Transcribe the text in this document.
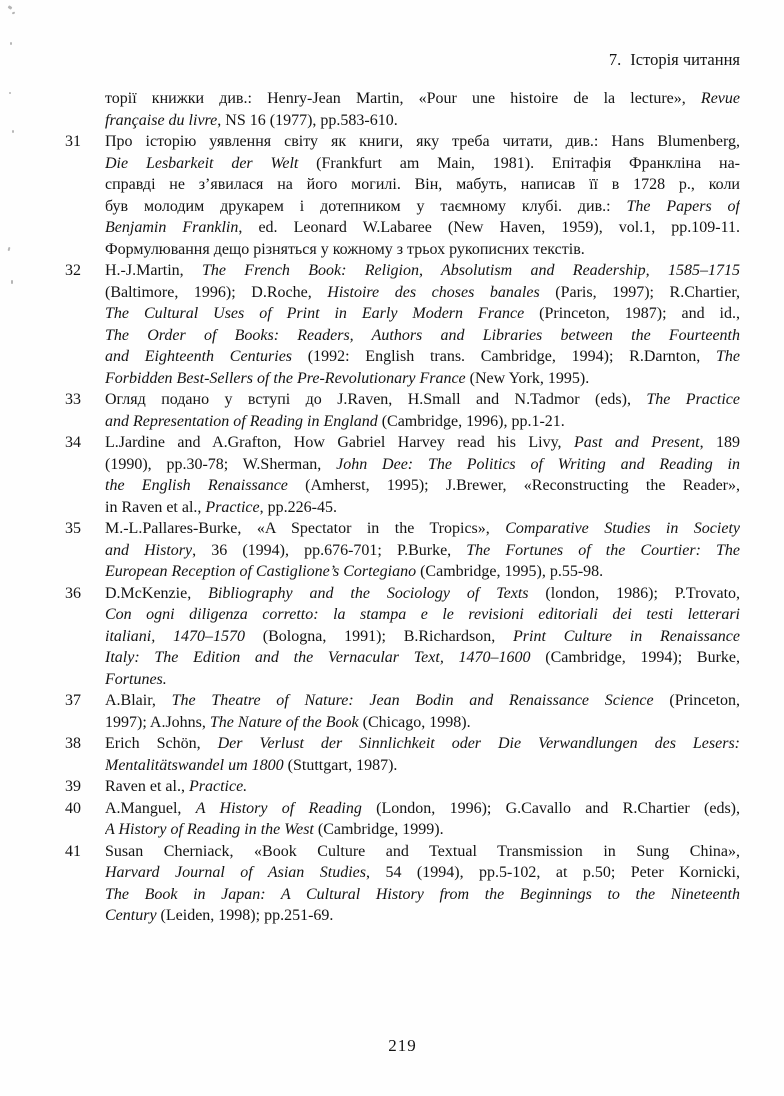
7. Історія читання
торії книжки див.: Henry-Jean Martin, «Pour une histoire de la lecture», Revue
française du livre, NS 16 (1977), pp.583-610.
31	Про історію уявлення світу як книги, яку треба читати, див.: Hans Blumenberg,
Die Lesbarkeit der Welt (Frankfurt am Main, 1981). Епітафія Франкліна на-
справді не з’явилася на його могилі. Він, мабуть, написав її в 1728 р., коли
був молодим друкарем і дотепником у таємному клубі. див.: The Papers of
Benjamin Franklin, ed. Leonard W.Labaree (New Haven, 1959), vol.1, pp.109-11.
Формулювання дещо різняться у кожному з трьох рукописних текстів.
32	H.-J.Martin, The French Book: Religion, Absolutism and Readership, 1585–1715
(Baltimore, 1996); D.Roche, Histoire des choses banales (Paris, 1997); R.Chartier,
The Cultural Uses of Print in Early Modern France (Princeton, 1987); and id.,
The Order of Books: Readers, Authors and Libraries between the Fourteenth
and Eighteenth Centuries (1992: English trans. Cambridge, 1994); R.Darnton, The
Forbidden Best-Sellers of the Pre-Revolutionary France (New York, 1995).
33	Огляд подано у вступі до J.Raven, H.Small and N.Tadmor (eds), The Practice
and Representation of Reading in England (Cambridge, 1996), pp.1-21.
34	L.Jardine and A.Grafton, How Gabriel Harvey read his Livy, Past and Present, 189
(1990), pp.30-78; W.Sherman, John Dee: The Politics of Writing and Reading in
the English Renaissance (Amherst, 1995); J.Brewer, «Reconstructing the Reader»,
in Raven et al., Practice, pp.226-45.
35	M.-L.Pallares-Burke, «A Spectator in the Tropics», Comparative Studies in Society
and History, 36 (1994), pp.676-701; P.Burke, The Fortunes of the Courtier: The
European Reception of Castiglione’s Cortegiano (Cambridge, 1995), p.55-98.
36	D.McKenzie, Bibliography and the Sociology of Texts (london, 1986); P.Trovato,
Con ogni diligenza corretto: la stampa e le revisioni editoriali dei testi letterari
italiani, 1470–1570 (Bologna, 1991); B.Richardson, Print Culture in Renaissance
Italy: The Edition and the Vernacular Text, 1470–1600 (Cambridge, 1994); Burke,
Fortunes.
37	A.Blair, The Theatre of Nature: Jean Bodin and Renaissance Science (Princeton,
1997); A.Johns, The Nature of the Book (Chicago, 1998).
38	Erich Schön, Der Verlust der Sinnlichkeit oder Die Verwandlungen des Lesers:
Mentalitätswandel um 1800 (Stuttgart, 1987).
39	Raven et al., Practice.
40	A.Manguel, A History of Reading (London, 1996); G.Cavallo and R.Chartier (eds),
A History of Reading in the West (Cambridge, 1999).
41	Susan Cherniack, «Book Culture and Textual Transmission in Sung China»,
Harvard Journal of Asian Studies, 54 (1994), pp.5-102, at p.50; Peter Kornicki,
The Book in Japan: A Cultural History from the Beginnings to the Nineteenth
Century (Leiden, 1998); pp.251-69.
219
